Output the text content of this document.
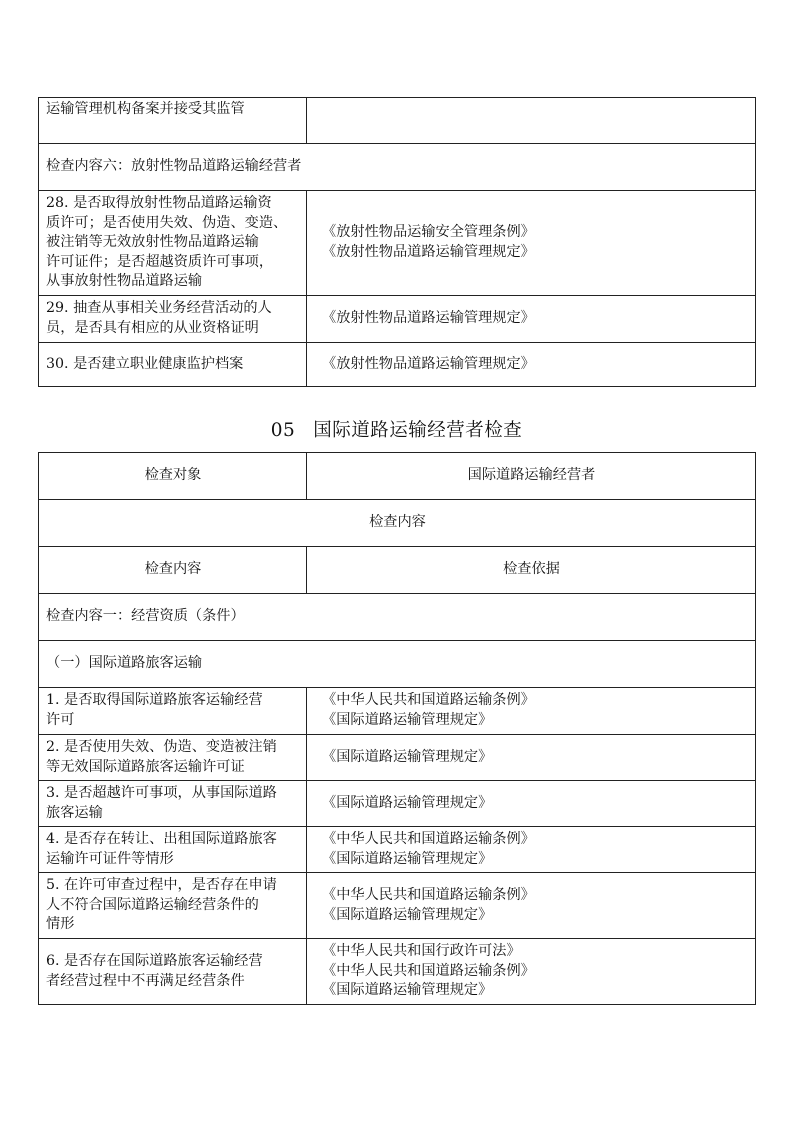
运输管理机构备案并接受其监管	

检查内容六：放射性物品道路运输经营者	

28. 是否取得放射性物品道路运输资
质许可；是否使用失效、伪造、变造、
被注销等无效放射性物品道路运输
许可证件；是否超越资质许可事项，
从事放射性物品道路运输	《放射性物品运输安全管理条例》
《放射性物品道路运输管理规定》

29. 抽查从事相关业务经营活动的人
员，是否具有相应的从业资格证明	《放射性物品道路运输管理规定》

30. 是否建立职业健康监护档案	《放射性物品道路运输管理规定》
05 国际道路运输经营者检查
检查对象	国际道路运输经营者
检查内容	
检查内容	检查依据
检查内容一：经营资质（条件）	
（一）国际道路旅客运输	

1. 是否取得国际道路旅客运输经营
许可	《中华人民共和国道路运输条例》
《国际道路运输管理规定》

2. 是否使用失效、伪造、变造被注销
等无效国际道路旅客运输许可证	《国际道路运输管理规定》

3. 是否超越许可事项，从事国际道路
旅客运输	《国际道路运输管理规定》

4. 是否存在转让、出租国际道路旅客
运输许可证件等情形	《中华人民共和国道路运输条例》
《国际道路运输管理规定》

5. 在许可审查过程中，是否存在申请
人不符合国际道路运输经营条件的
情形	《中华人民共和国道路运输条例》
《国际道路运输管理规定》

6. 是否存在国际道路旅客运输经营
者经营过程中不再满足经营条件	《中华人民共和国行政许可法》
《中华人民共和国道路运输条例》
《国际道路运输管理规定》
